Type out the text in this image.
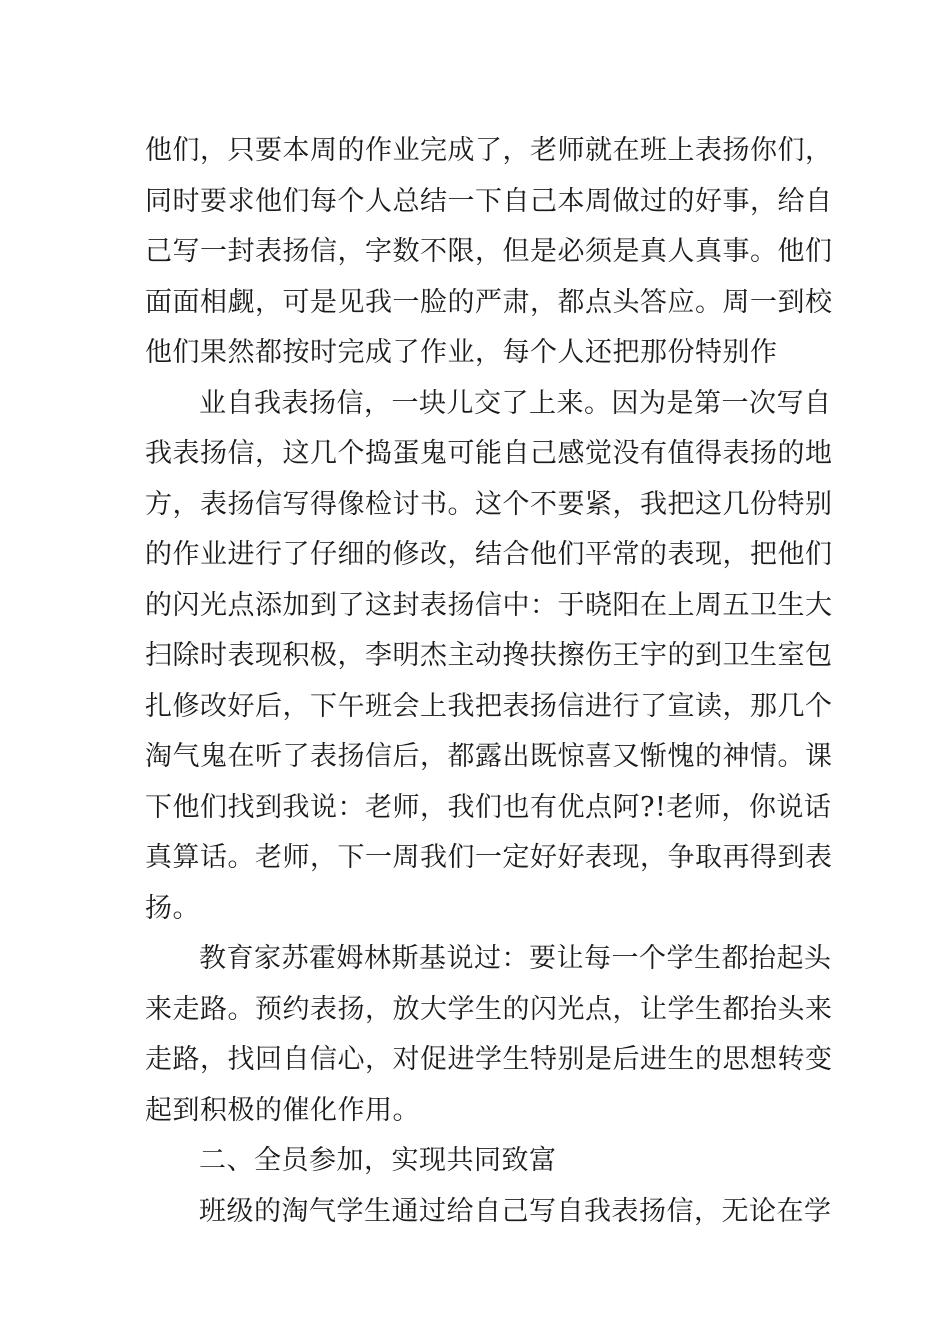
他们，只要本周的作业完成了，老师就在班上表扬你们，
同时要求他们每个人总结一下自己本周做过的好事，给自
己写一封表扬信，字数不限，但是必须是真人真事。他们
面面相觑，可是见我一脸的严肃，都点头答应。周一到校
他们果然都按时完成了作业，每个人还把那份特别作
业自我表扬信，一块儿交了上来。因为是第一次写自
我表扬信，这几个捣蛋鬼可能自己感觉没有值得表扬的地
方，表扬信写得像检讨书。这个不要紧，我把这几份特别
的作业进行了仔细的修改，结合他们平常的表现，把他们
的闪光点添加到了这封表扬信中：于晓阳在上周五卫生大
扫除时表现积极，李明杰主动搀扶擦伤王宇的到卫生室包
扎修改好后，下午班会上我把表扬信进行了宣读，那几个
淘气鬼在听了表扬信后，都露出既惊喜又惭愧的神情。课
下他们找到我说：老师，我们也有优点阿?!老师，你说话
真算话。老师，下一周我们一定好好表现，争取再得到表
扬。
教育家苏霍姆林斯基说过：要让每一个学生都抬起头
来走路。预约表扬，放大学生的闪光点，让学生都抬头来
走路，找回自信心，对促进学生特别是后进生的思想转变
起到积极的催化作用。
二、全员参加，实现共同致富
班级的淘气学生通过给自己写自我表扬信，无论在学
